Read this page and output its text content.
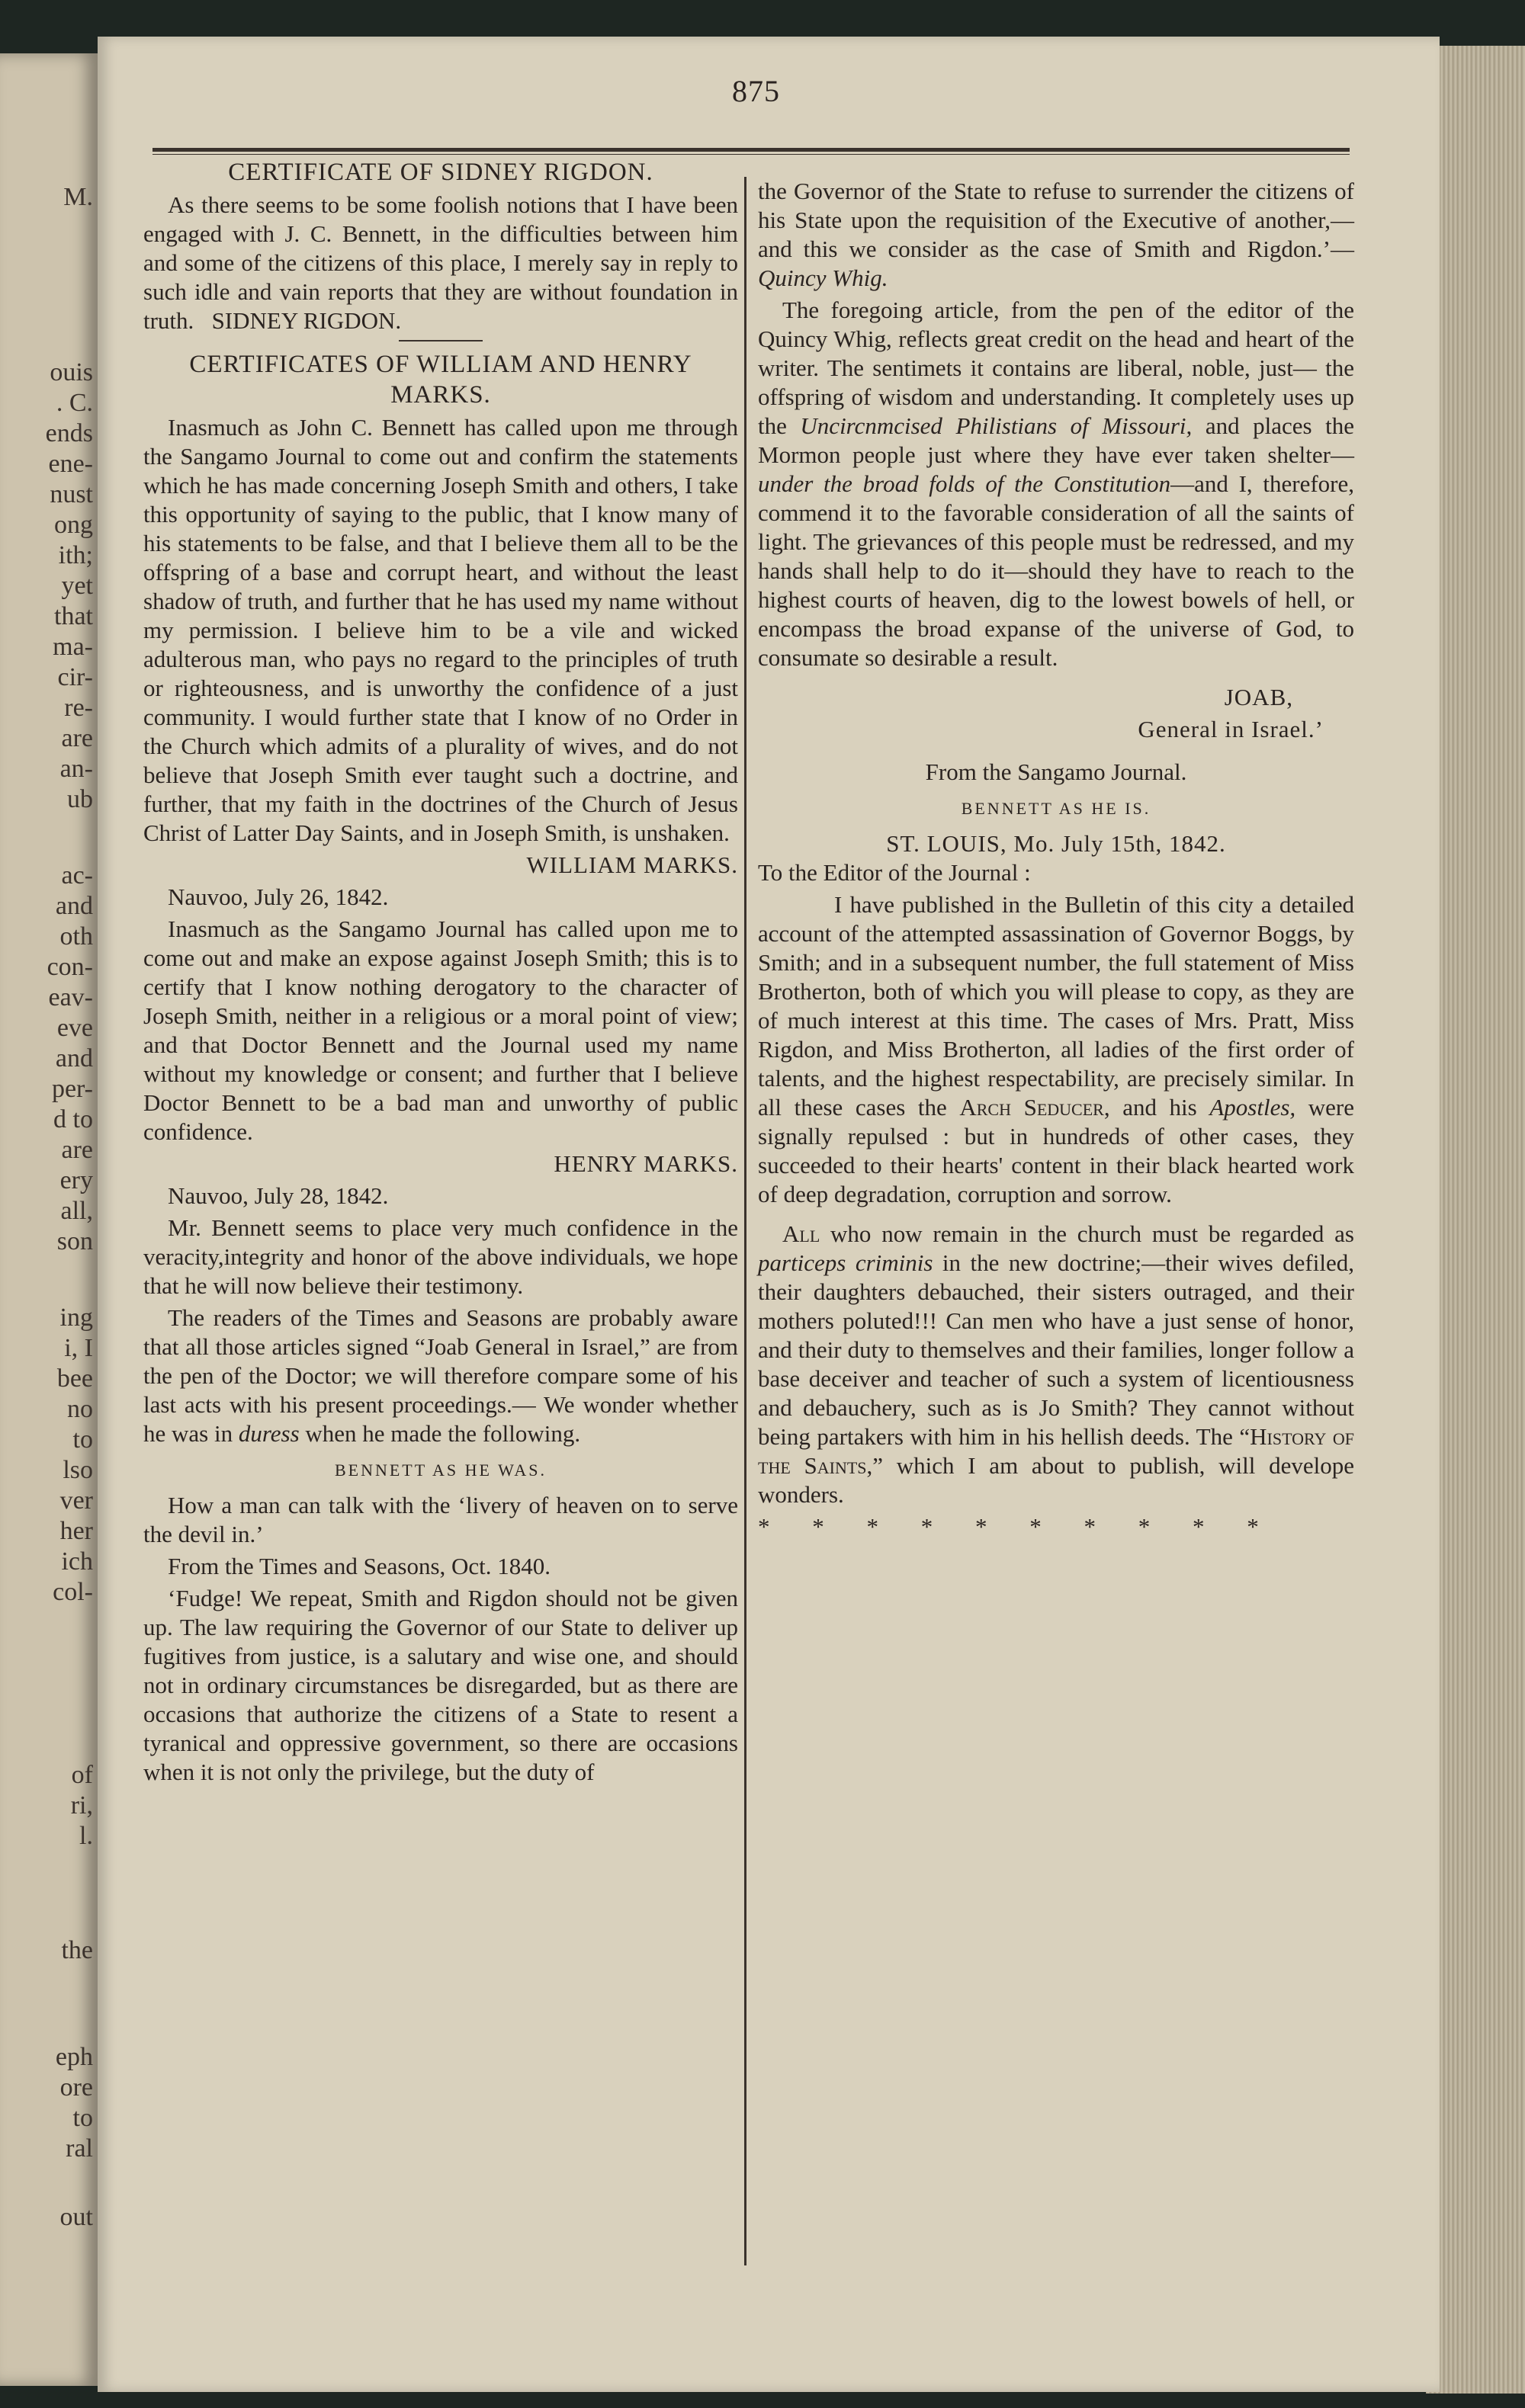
M.
ouis
. C.
ends
ene-
nust
ong
ith;
yet
that
ma-
cir-
re-
are
an-
ub
ac-
and
oth
con-
eav-
eve
and
per-
d to
are
ery
all,
son
ing
i, I
bee
no
to
lso
ver
her
ich
col-
of
ri,
l.
the
eph
ore
to
ral
out
875
CERTIFICATE OF SIDNEY RIGDON.

As there seems to be some foolish notions that I have been engaged with J. C. Bennett, in the difficulties between him and some of the citizens of this place, I merely say in reply to such idle and vain reports that they are without foundation in truth. SIDNEY RIGDON.

CERTIFICATES OF WILLIAM AND HENRY MARKS.

Inasmuch as John C. Bennett has called upon me through the Sangamo Journal to come out and confirm the statements which he has made concerning Joseph Smith and others, I take this opportunity of saying to the public, that I know many of his statements to be false, and that I believe them all to be the offspring of a base and corrupt heart, and without the least shadow of truth, and further that he has used my name without my permission. I believe him to be a vile and wicked adulterous man, who pays no regard to the principles of truth or righteousness, and is unworthy the confidence of a just community. I would further state that I know of no Order in the Church which admits of a plurality of wives, and do not believe that Joseph Smith ever taught such a doctrine, and further, that my faith in the doctrines of the Church of Jesus Christ of Latter Day Saints, and in Joseph Smith, is unshaken.

WILLIAM MARKS.
Nauvoo, July 26, 1842.

Inasmuch as the Sangamo Journal has called upon me to come out and make an expose against Joseph Smith; this is to certify that I know nothing derogatory to the character of Joseph Smith, neither in a religious or a moral point of view; and that Doctor Bennett and the Journal used my name without my knowledge or consent; and further that I believe Doctor Bennett to be a bad man and unworthy of public confidence.

HENRY MARKS.
Nauvoo, July 28, 1842.

Mr. Bennett seems to place very much confidence in the veracity,integrity and honor of the above individuals, we hope that he will now believe their testimony.

The readers of the Times and Seasons are probably aware that all those articles signed “Joab General in Israel,” are from the pen of the Doctor; we will therefore compare some of his last acts with his present proceedings.— We wonder whether he was in duress when he made the following.

BENNETT AS HE WAS.

How a man can talk with the ‘livery of heaven on to serve the devil in.’

From the Times and Seasons, Oct. 1840.

‘Fudge! We repeat, Smith and Rigdon should not be given up. The law requiring the Governor of our State to deliver up fugitives from justice, is a salutary and wise one, and should not in ordinary circumstances be disregarded, but as there are occasions that authorize the citizens of a State to resent a tyranical and oppressive government, so there are occasions when it is not only the privilege, but the duty of

the Governor of the State to refuse to surrender the citizens of his State upon the requisition of the Executive of another,—and this we consider as the case of Smith and Rigdon.’—Quincy Whig.

The foregoing article, from the pen of the editor of the Quincy Whig, reflects great credit on the head and heart of the writer. The sentimets it contains are liberal, noble, just— the offspring of wisdom and understanding. It completely uses up the Uncircnmcised Philistians of Missouri, and places the Mormon people just where they have ever taken shelter—under the broad folds of the Constitution—and I, therefore, commend it to the favorable consideration of all the saints of light. The grievances of this people must be redressed, and my hands shall help to do it—should they have to reach to the highest courts of heaven, dig to the lowest bowels of hell, or encompass the broad expanse of the universe of God, to consumate so desirable a result.

JOAB,
General in Israel.’
From the Sangamo Journal.
BENNETT AS HE IS.
ST. LOUIS, Mo. July 15th, 1842.

To the Editor of the Journal :

I have published in the Bulletin of this city a detailed account of the attempted assassination of Governor Boggs, by Smith; and in a subsequent number, the full statement of Miss Brotherton, both of which you will please to copy, as they are of much interest at this time. The cases of Mrs. Pratt, Miss Rigdon, and Miss Brotherton, all ladies of the first order of talents, and the highest respectability, are precisely similar. In all these cases the Arch Seducer, and his Apostles, were signally repulsed : but in hundreds of other cases, they succeeded to their hearts' content in their black hearted work of deep degradation, corruption and sorrow.

All who now remain in the church must be regarded as particeps criminis in the new doctrine;—their wives defiled, their daughters debauched, their sisters outraged, and their mothers poluted!!! Can men who have a just sense of honor, and their duty to themselves and their families, longer follow a base deceiver and teacher of such a system of licentiousness and debauchery, such as is Jo Smith? They cannot without being partakers with him in his hellish deeds. The “History of the Saints,” which I am about to publish, will develope wonders.

* * * * * * * * * *
